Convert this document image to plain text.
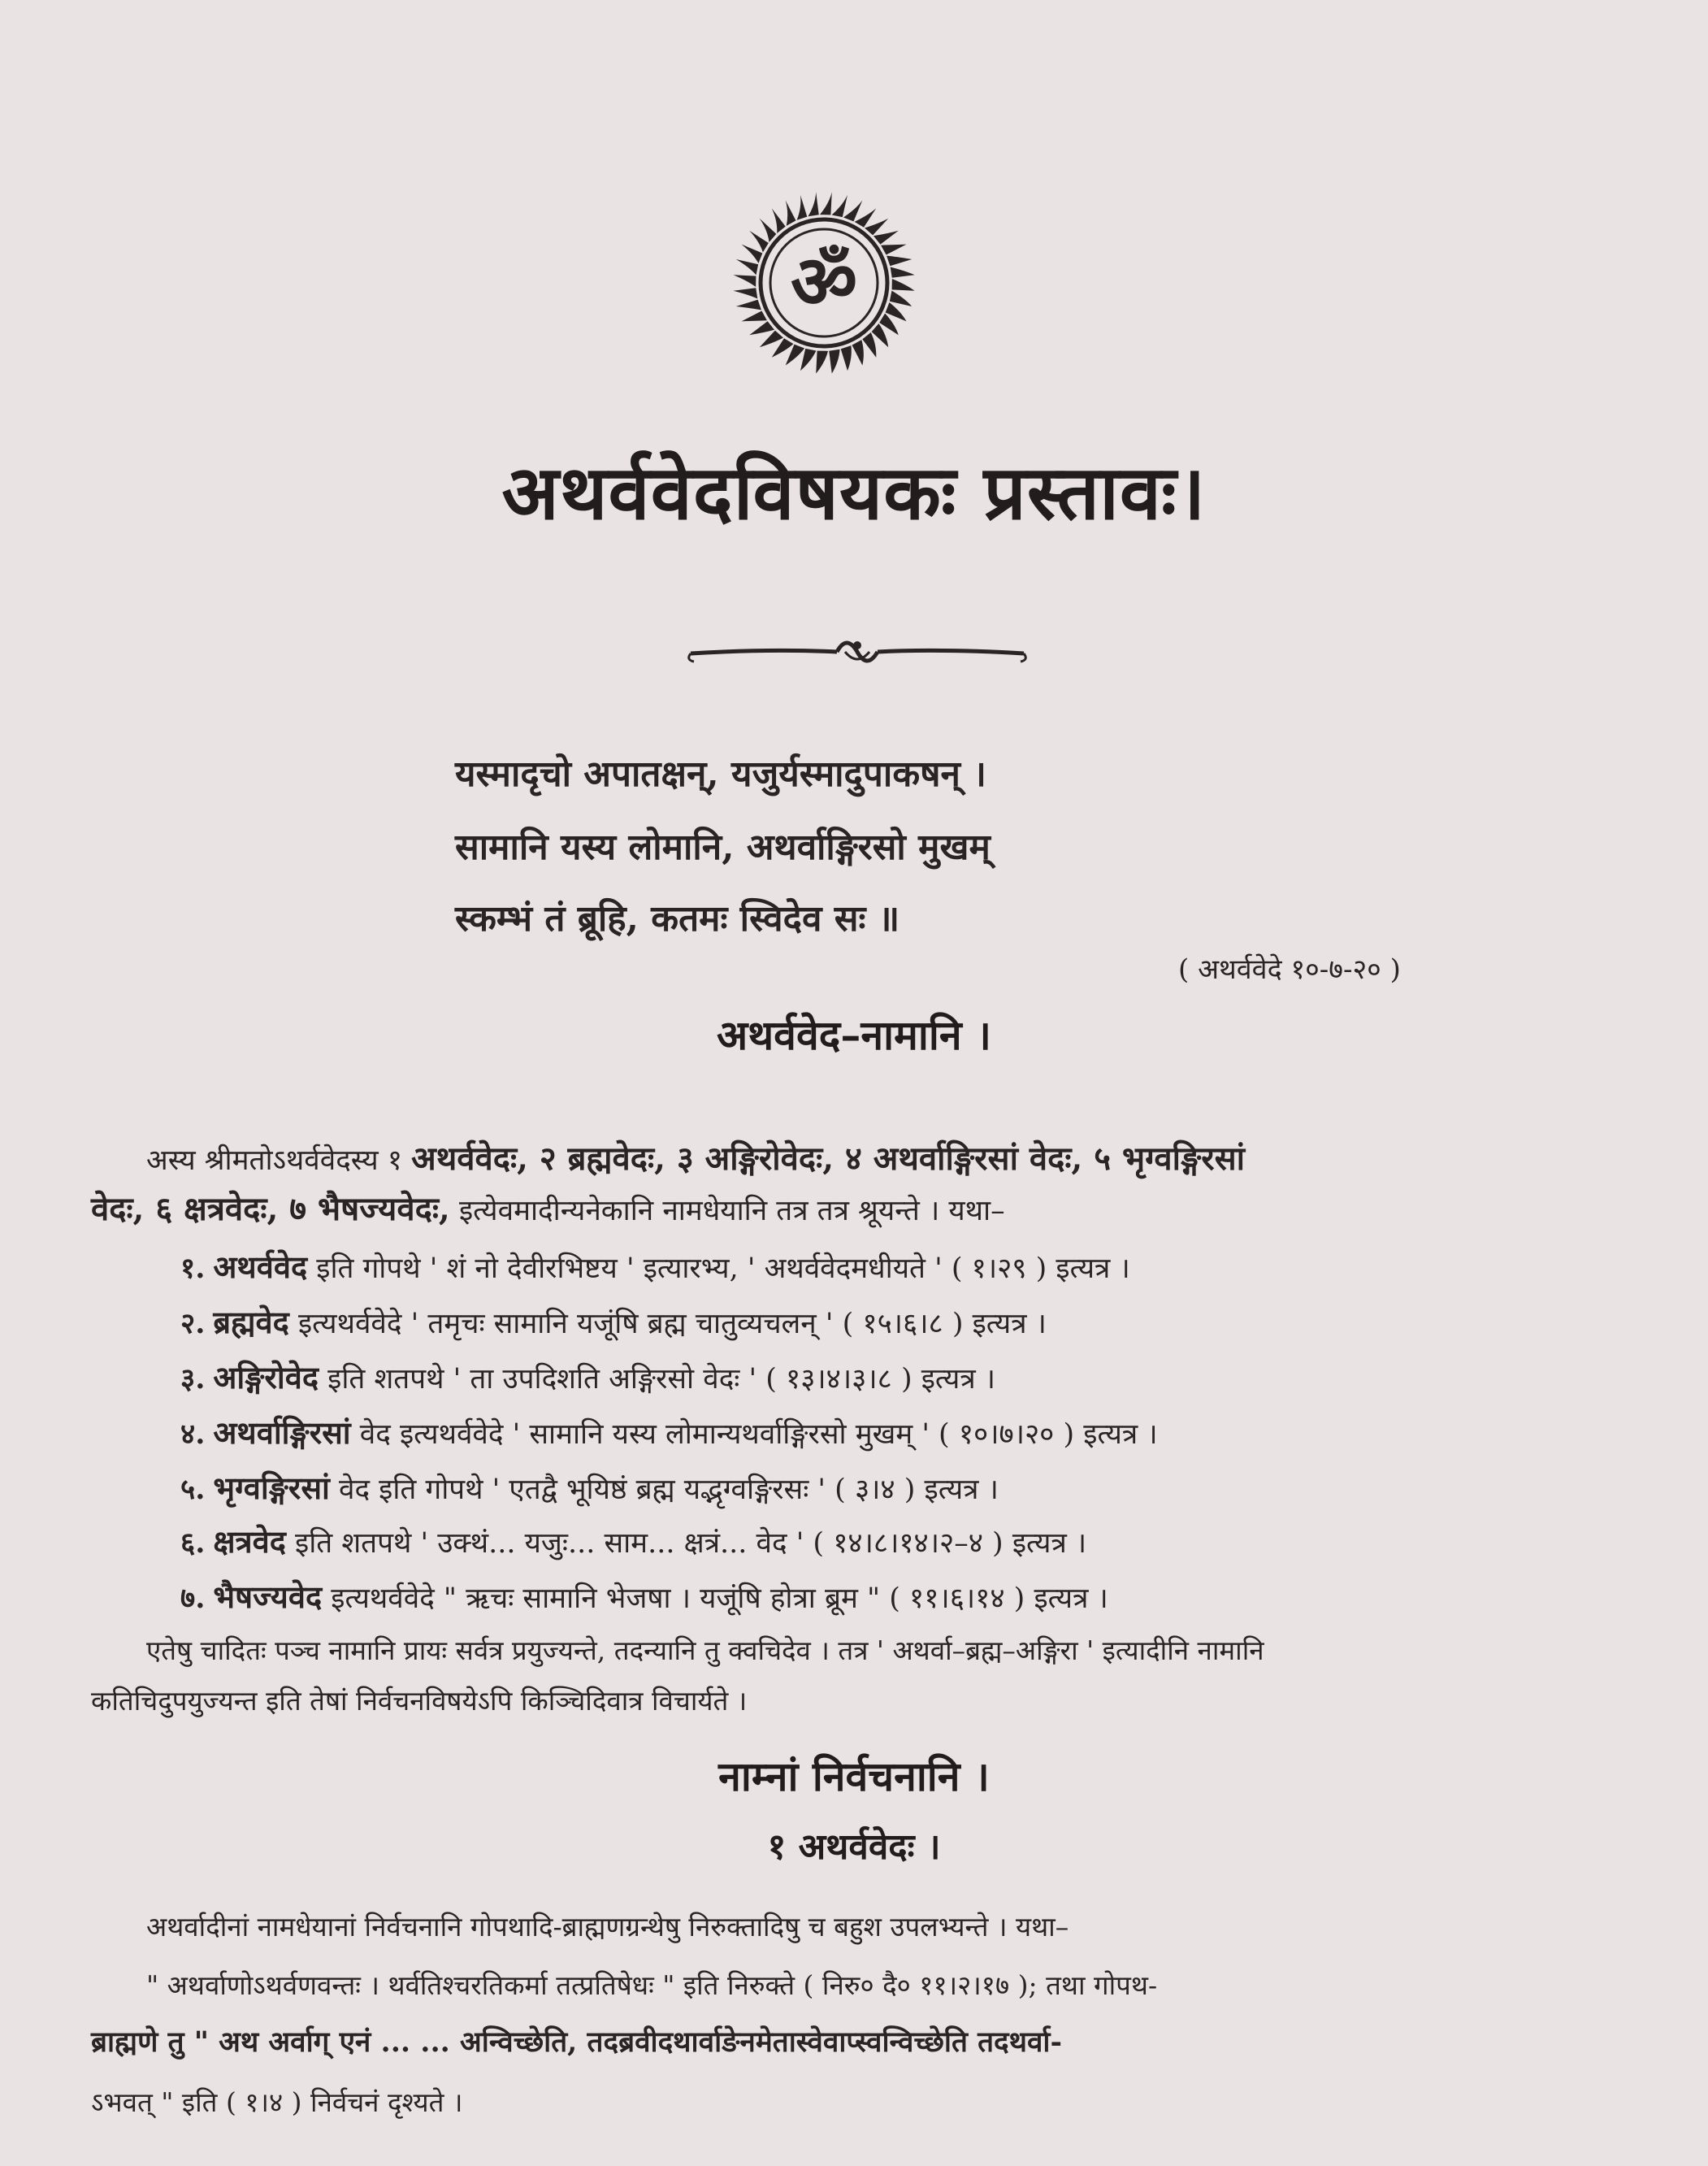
ॐ
अथर्ववेदविषयकः प्रस्तावः।
यस्मादृचो अपातक्षन्, यजुर्यस्मादुपाकषन् ।
सामानि यस्य लोमानि, अथर्वाङ्गिरसो मुखम्
स्कम्भं तं ब्रूहि, कतमः स्विदेव सः ॥
( अथर्ववेदे १०-७-२० )
अथर्ववेद–नामानि ।
अस्य श्रीमतोऽथर्ववेदस्य १ अथर्ववेदः, २ ब्रह्मवेदः, ३ अङ्गिरोवेदः, ४ अथर्वाङ्गिरसां वेदः, ५ भृग्वङ्गिरसां
वेदः, ६ क्षत्रवेदः, ७ भैषज्यवेदः, इत्येवमादीन्यनेकानि नामधेयानि तत्र तत्र श्रूयन्ते । यथा–
१. अथर्ववेद इति गोपथे ' शं नो देवीरभिष्टय ' इत्यारभ्य, ' अथर्ववेदमधीयते ' ( १।२९ ) इत्यत्र ।
२. ब्रह्मवेद इत्यथर्ववेदे ' तमृचः सामानि यजूंषि ब्रह्म चातुव्यचलन् ' ( १५।६।८ ) इत्यत्र ।
३. अङ्गिरोवेद इति शतपथे ' ता उपदिशति अङ्गिरसो वेदः ' ( १३।४।३।८ ) इत्यत्र ।
४. अथर्वाङ्गिरसां वेद इत्यथर्ववेदे ' सामानि यस्य लोमान्यथर्वाङ्गिरसो मुखम् ' ( १०।७।२० ) इत्यत्र ।
५. भृग्वङ्गिरसां वेद इति गोपथे ' एतद्वै भूयिष्ठं ब्रह्म यद्भृग्वङ्गिरसः ' ( ३।४ ) इत्यत्र ।
६. क्षत्रवेद इति शतपथे ' उक्थं... यजुः... साम... क्षत्रं... वेद ' ( १४।८।१४।२–४ ) इत्यत्र ।
७. भैषज्यवेद इत्यथर्ववेदे " ऋचः सामानि भेजषा । यजूंषि होत्रा ब्रूम " ( ११।६।१४ ) इत्यत्र ।
एतेषु चादितः पञ्च नामानि प्रायः सर्वत्र प्रयुज्यन्ते, तदन्यानि तु क्वचिदेव । तत्र ' अथर्वा–ब्रह्म–अङ्गिरा ' इत्यादीनि नामानि
कतिचिदुपयुज्यन्त इति तेषां निर्वचनविषयेऽपि किञ्चिदिवात्र विचार्यते ।
नाम्नां निर्वचनानि ।
१ अथर्ववेदः ।
अथर्वादीनां नामधेयानां निर्वचनानि गोपथादि-ब्राह्मणग्रन्थेषु निरुक्तादिषु च बहुश उपलभ्यन्ते । यथा–
" अथर्वाणोऽथर्वणवन्तः । थर्वतिश्चरतिकर्मा तत्प्रतिषेधः " इति निरुक्ते ( निरु० दै० ११।२।१७ ); तथा गोपथ-
ब्राह्मणे तु " अथ अर्वाग् एनं ... ... अन्विच्छेति, तदब्रवीदथार्वाङेनमेतास्वेवाप्स्वन्विच्छेति तदथर्वा-
ऽभवत् " इति ( १।४ ) निर्वचनं दृश्यते ।
